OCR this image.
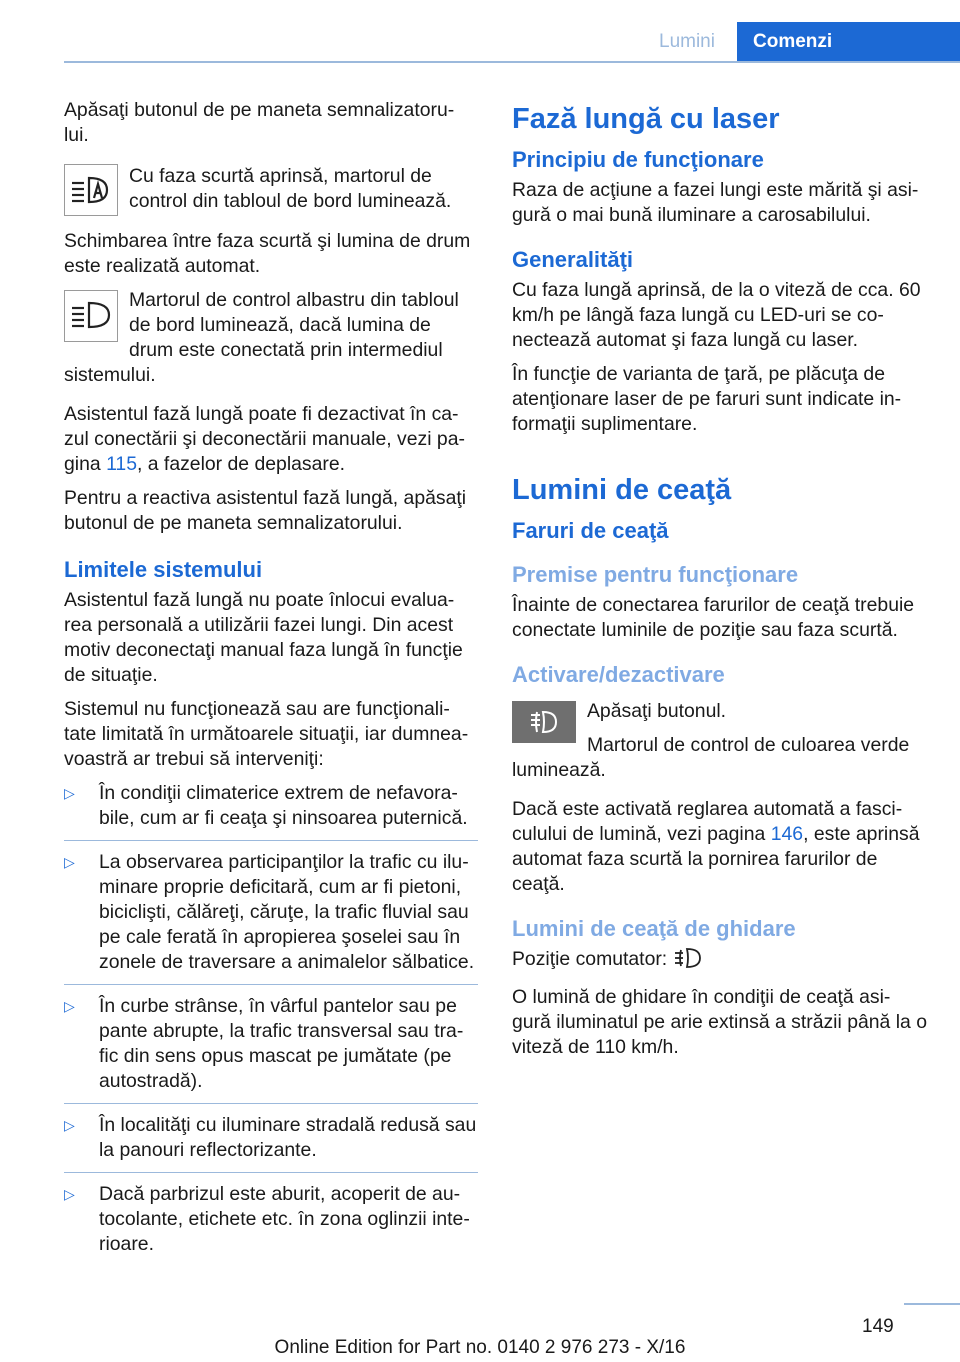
Lumini	Comenzi

Apăsaţi butonul de pe maneta semnalizatoru‐ lui.

Cu faza scurtă aprinsă, martorul de control din tabloul de bord luminează.

Schimbarea între faza scurtă şi lumina de drum este realizată automat.

Martorul de control albastru din tabloul de bord luminează, dacă lumina de drum este conectată prin intermediul sistemului.

Asistentul fază lungă poate fi dezactivat în ca‐ zul conectării şi deconectării manuale, vezi pa‐ gina 115, a fazelor de deplasare.

Pentru a reactiva asistentul fază lungă, apăsaţi butonul de pe maneta semnalizatorului.

Limitele sistemului

Asistentul fază lungă nu poate înlocui evalua‐ rea personală a utilizării fazei lungi. Din acest motiv deconectaţi manual faza lungă în funcţie de situaţie.

Sistemul nu funcţionează sau are funcţionali‐ tate limitată în următoarele situaţii, iar dumnea‐ voastră ar trebui să interveniţi:

▷ În condiţii climaterice extrem de nefavora‐ bile, cum ar fi ceaţa şi ninsoarea puternică.
▷ La observarea participanţilor la trafic cu ilu‐ minare proprie deficitară, cum ar fi pietoni, biciclişti, călăreţi, căruţe, la trafic fluvial sau pe cale ferată în apropierea şoselei sau în zonele de traversare a animalelor sălbatice.
▷ În curbe strânse, în vârful pantelor sau pe pante abrupte, la trafic transversal sau tra‐ fic din sens opus mascat pe jumătate (pe autostradă).
▷ În localităţi cu iluminare stradală redusă sau la panouri reflectorizante.
▷ Dacă parbrizul este aburit, acoperit de au‐ tocolante, etichete etc. în zona oglinzii inte‐ rioare.
Fază lungă cu laser
Principiu de funcţionare

Raza de acţiune a fazei lungi este mărită şi asi‐ gură o mai bună iluminare a carosabilului.

Generalităţi

Cu faza lungă aprinsă, de la o viteză de cca. 60 km/h pe lângă faza lungă cu LED-uri se co‐ nectează automat şi faza lungă cu laser.

În funcţie de varianta de ţară, pe plăcuţa de atenţionare laser de pe faruri sunt indicate in‐ formaţii suplimentare.

Lumini de ceaţă
Faruri de ceaţă
Premise pentru funcţionare

Înainte de conectarea farurilor de ceaţă trebuie conectate luminile de poziţie sau faza scurtă.

Activare/dezactivare

Apăsaţi butonul.

Martorul de control de culoarea verde luminează.

Dacă este activată reglarea automată a fasci‐ culului de lumină, vezi pagina 146, este aprinsă automat faza scurtă la pornirea farurilor de ceaţă.

Lumini de ceaţă de ghidare

Poziţie comutator:

O lumină de ghidare în condiţii de ceaţă asi‐ gură iluminatul pe arie extinsă a străzii până la o viteză de 110 km/h.

149
Online Edition for Part no. 0140 2 976 273 - X/16
